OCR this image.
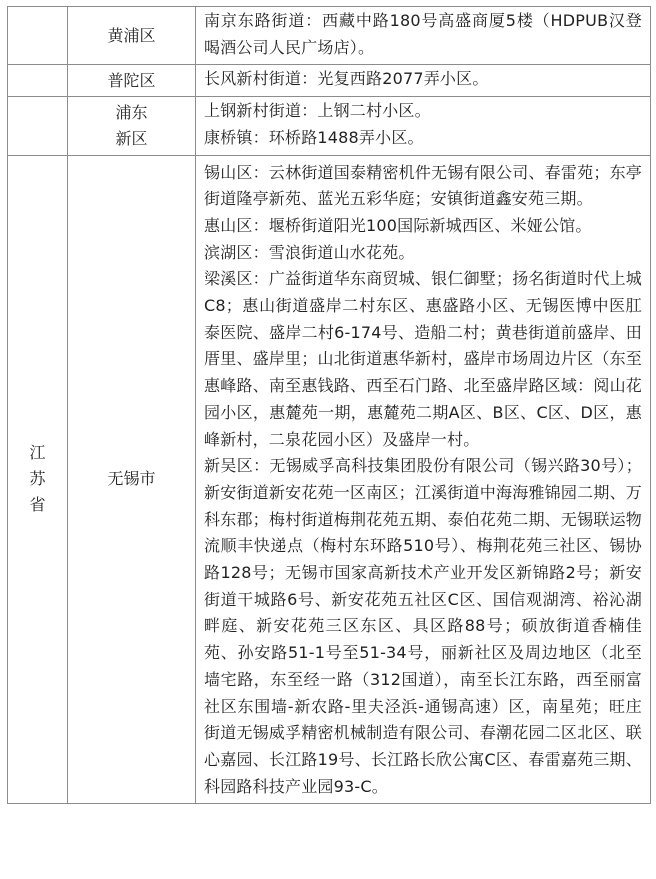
	黄浦区	南京东路街道：西藏中路180号高盛商厦5楼（HDPUB汉登喝酒公司人民广场店）。

	普陀区	长风新村街道：光复西路2077弄小区。

	浦东新区	上钢新村街道：上钢二村小区。

康桥镇：环桥路1488弄小区。

江苏省	无锡市	锡山区：云林街道国泰精密机件无锡有限公司、春雷苑；东亭街道隆亭新苑、蓝光五彩华庭；安镇街道鑫安苑三期。

惠山区：堰桥街道阳光100国际新城西区、米娅公馆。

滨湖区：雪浪街道山水花苑。

梁溪区：广益街道华东商贸城、银仁御墅；扬名街道时代上城C8；惠山街道盛岸二村东区、惠盛路小区、无锡医博中医肛泰医院、盛岸二村6-174号、造船二村；黄巷街道前盛岸、田厝里、盛岸里；山北街道惠华新村，盛岸市场周边片区（东至惠峰路、南至惠钱路、西至石门路、北至盛岸路区域：阅山花园小区，惠麓苑一期，惠麓苑二期A区、B区、C区、D区，惠峰新村，二泉花园小区）及盛岸一村。

新吴区：无锡威孚高科技集团股份有限公司（锡兴路30号）；新安街道新安花苑一区南区；江溪街道中海海雅锦园二期、万科东郡；梅村街道梅荆花苑五期、泰伯花苑二期、无锡联运物流顺丰快递点（梅村东环路510号）、梅荆花苑三社区、锡协路128号；无锡市国家高新技术产业开发区新锦路2号；新安街道干城路6号、新安花苑五社区C区、国信观湖湾、裕沁湖畔庭、新安花苑三区东区、具区路88号；硕放街道香楠佳苑、孙安路51-1号至51-34号，丽新社区及周边地区（北至墙宅路，东至经一路（312国道），南至长江东路，西至丽富社区东围墙-新农路-里夫泾浜-通锡高速）区，南星苑；旺庄街道无锡威孚精密机械制造有限公司、春潮花园二区北区、联心嘉园、长江路19号、长江路长欣公寓C区、春雷嘉苑三期、科园路科技产业园93-C。
